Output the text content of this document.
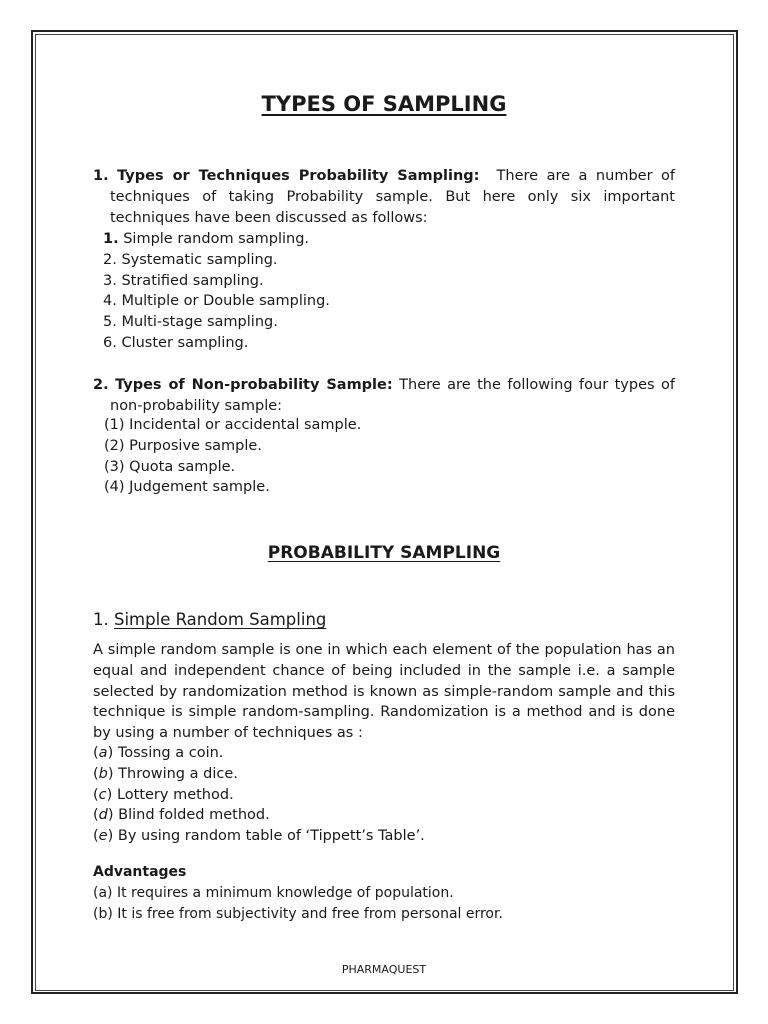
TYPES OF SAMPLING
1. Types or Techniques Probability Sampling: There are a number of techniques of taking Probability sample. But here only six important techniques have been discussed as follows:
1. Simple random sampling.
2. Systematic sampling.
3. Stratified sampling.
4. Multiple or Double sampling.
5. Multi-stage sampling.
6. Cluster sampling.
2. Types of Non-probability Sample: There are the following four types of non-probability sample:
(1) Incidental or accidental sample.
(2) Purposive sample.
(3) Quota sample.
(4) Judgement sample.
PROBABILITY SAMPLING
1. Simple Random Sampling
A simple random sample is one in which each element of the population has an equal and independent chance of being included in the sample i.e. a sample selected by randomization method is known as simple-random sample and this technique is simple random-sampling. Randomization is a method and is done by using a number of techniques as :
(a) Tossing a coin.
(b) Throwing a dice.
(c) Lottery method.
(d) Blind folded method.
(e) By using random table of ‘Tippett’s Table’.
Advantages
(a) It requires a minimum knowledge of population.
(b) It is free from subjectivity and free from personal error.
PHARMAQUEST
